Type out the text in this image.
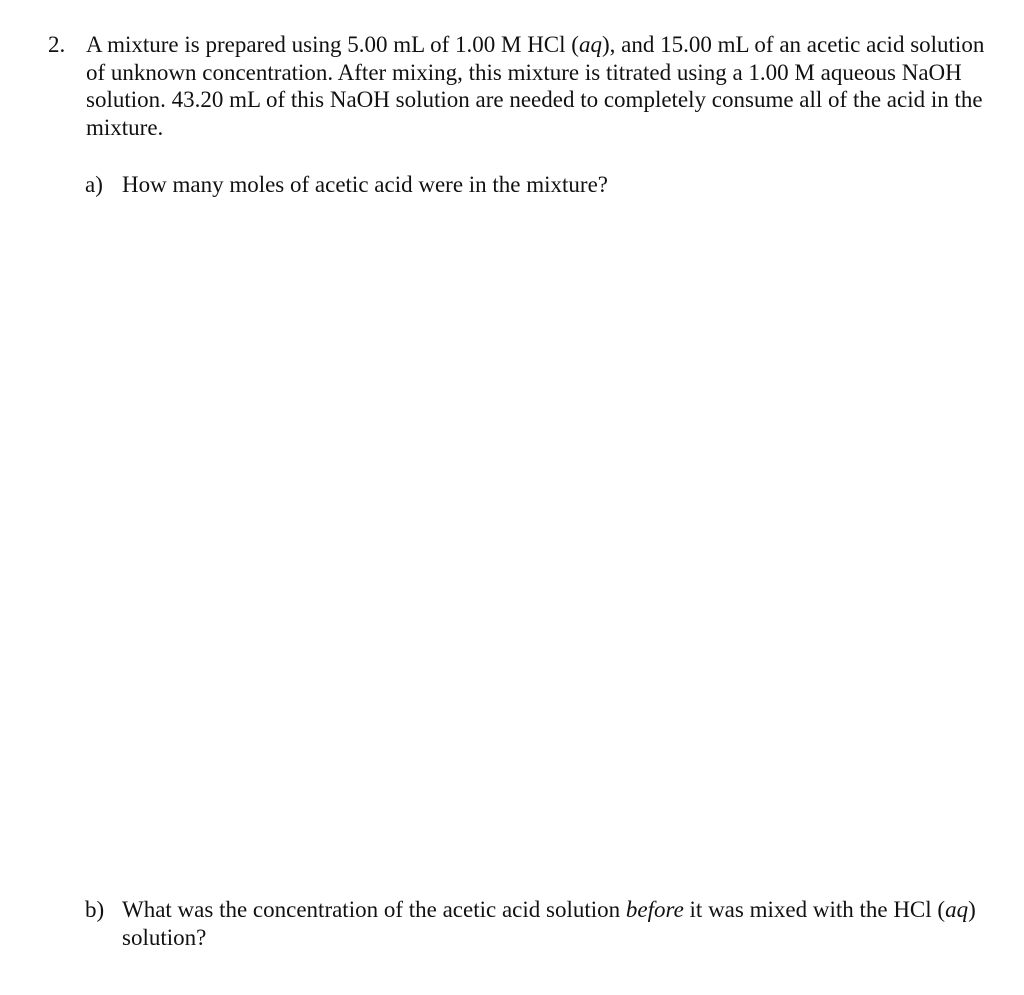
2. A mixture is prepared using 5.00 mL of 1.00 M HCl (aq), and 15.00 mL of an acetic acid solution of unknown concentration. After mixing, this mixture is titrated using a 1.00 M aqueous NaOH solution. 43.20 mL of this NaOH solution are needed to completely consume all of the acid in the mixture.
a) How many moles of acetic acid were in the mixture?
b) What was the concentration of the acetic acid solution before it was mixed with the HCl (aq) solution?
